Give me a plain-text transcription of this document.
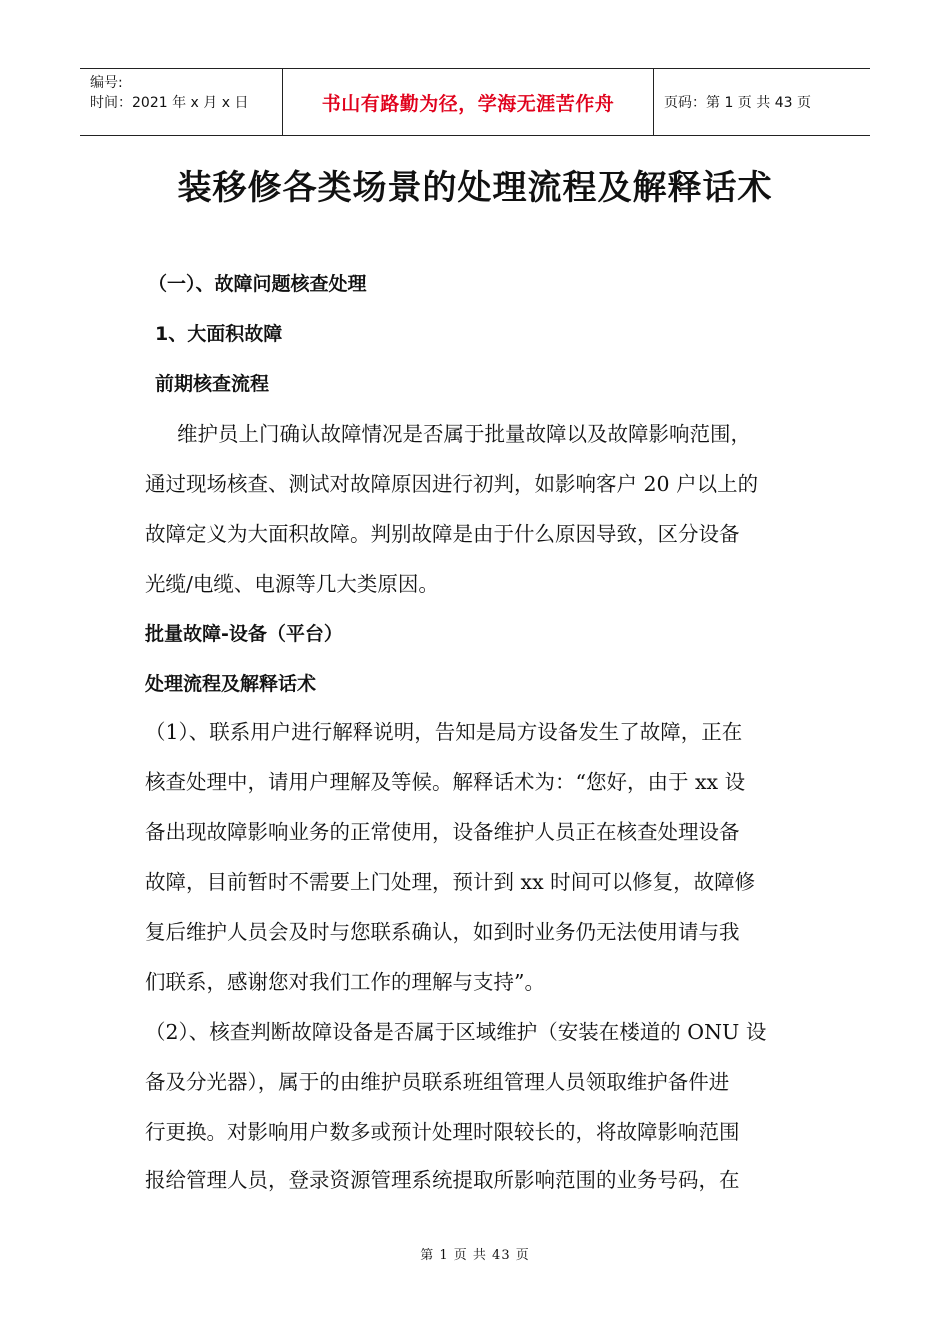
编号:
时间：2021 年 x 月 x 日	书山有路勤为径，学海无涯苦作舟	页码：第 1 页 共 43 页
装移修各类场景的处理流程及解释话术
（一）、故障问题核查处理
1、大面积故障
前期核查流程
维护员上门确认故障情况是否属于批量故障以及故障影响范围，
通过现场核查、测试对故障原因进行初判，如影响客户 20 户以上的
故障定义为大面积故障。判别故障是由于什么原因导致，区分设备
光缆/电缆、电源等几大类原因。
批量故障-设备（平台）
处理流程及解释话术
（1）、联系用户进行解释说明，告知是局方设备发生了故障，正在
核查处理中，请用户理解及等候。解释话术为：“您好，由于 xx 设
备出现故障影响业务的正常使用，设备维护人员正在核查处理设备
故障，目前暂时不需要上门处理，预计到 xx 时间可以修复，故障修
复后维护人员会及时与您联系确认，如到时业务仍无法使用请与我
们联系，感谢您对我们工作的理解与支持”。
（2）、核查判断故障设备是否属于区域维护（安装在楼道的 ONU 设
备及分光器），属于的由维护员联系班组管理人员领取维护备件进
行更换。对影响用户数多或预计处理时限较长的，将故障影响范围
报给管理人员，登录资源管理系统提取所影响范围的业务号码，在
第 1 页 共 43 页
